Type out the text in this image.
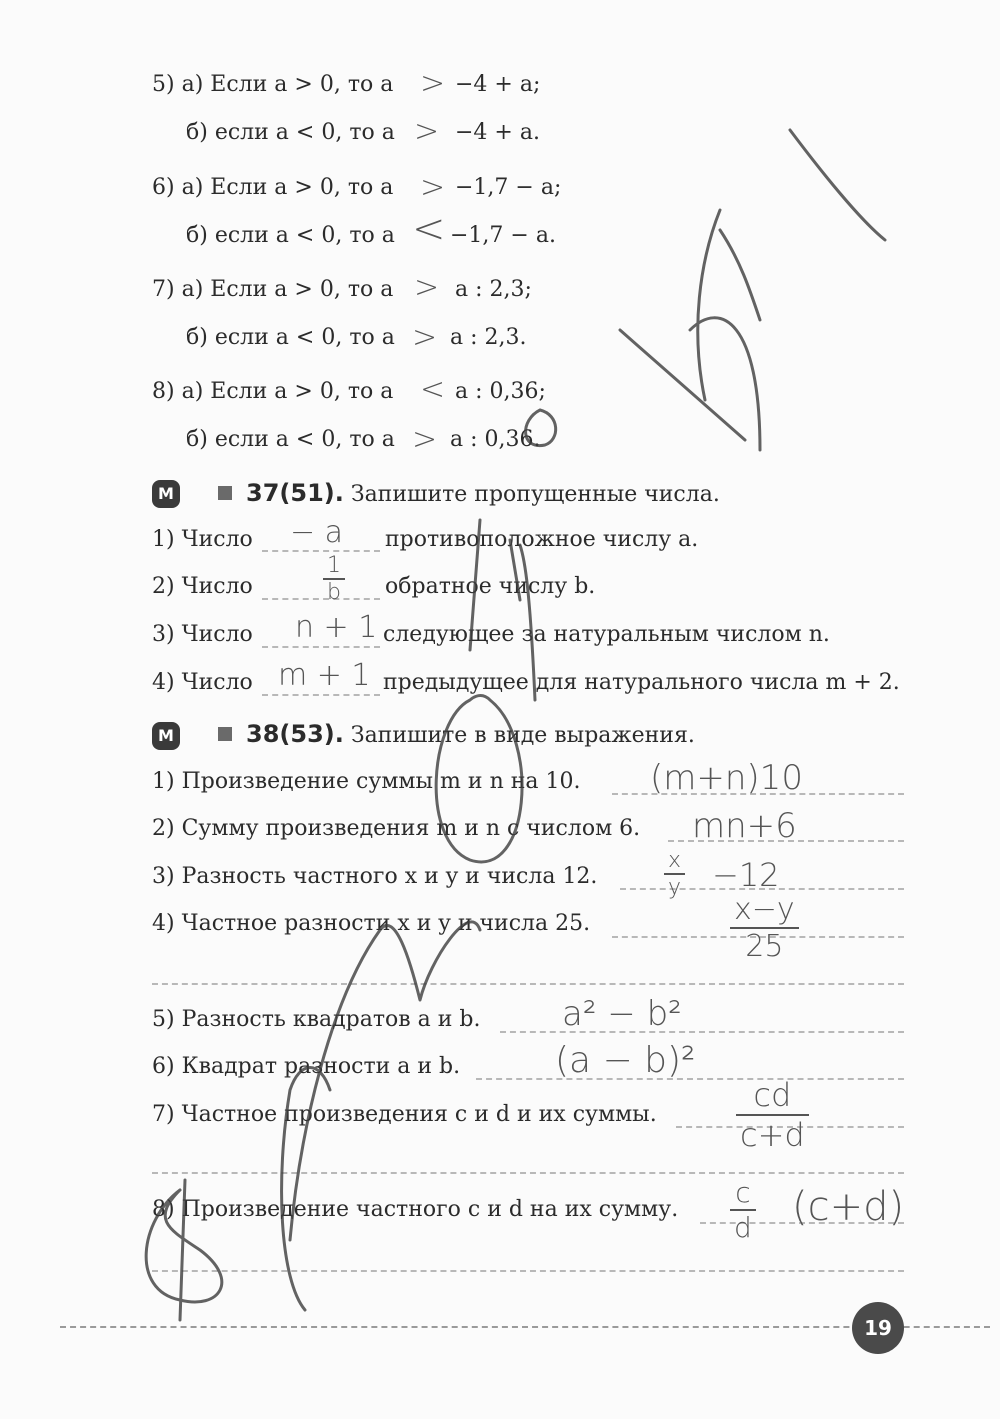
5) а) Если a > 0, то a > −4 + a;
б) если a < 0, то a > −4 + a.
6) а) Если a > 0, то a > −1,7 − a;
б) если a < 0, то a < −1,7 − a.
7) а) Если a > 0, то a > a : 2,3;
б) если a < 0, то a > a : 2,3.
8) а) Если a > 0, то a < a : 0,36;
б) если a < 0, то a > a : 0,36.
М	37(51). Запишите пропущенные числа.
1) Число − a противоположное числу a.
2) Число	$\frac{1}{b}$ обратное числу b.
3) Число n + 1 следующее за натуральным числом n.
4) Число m + 1 предыдущее для натурального числа m + 2.
М	38(53). Запишите в виде выражения.
1) Произведение суммы m и n на 10. (m+n)10
2) Сумму произведения m и n с числом 6. mn+6
3) Разность частного x и y и числа 12.	$\frac{x}{y} -12$
4) Частное разности x и y и числа 25.	$\frac{x-y}{25}$
5) Разность квадратов a и b. a² − b²
6) Квадрат разности a и b.	(a − b)²
7) Частное произведения c и d и их суммы. $\frac{cd}{c+d}$
8) Произведение частного c и d на их сумму. $\frac{c}{d} (c+d)$
19
